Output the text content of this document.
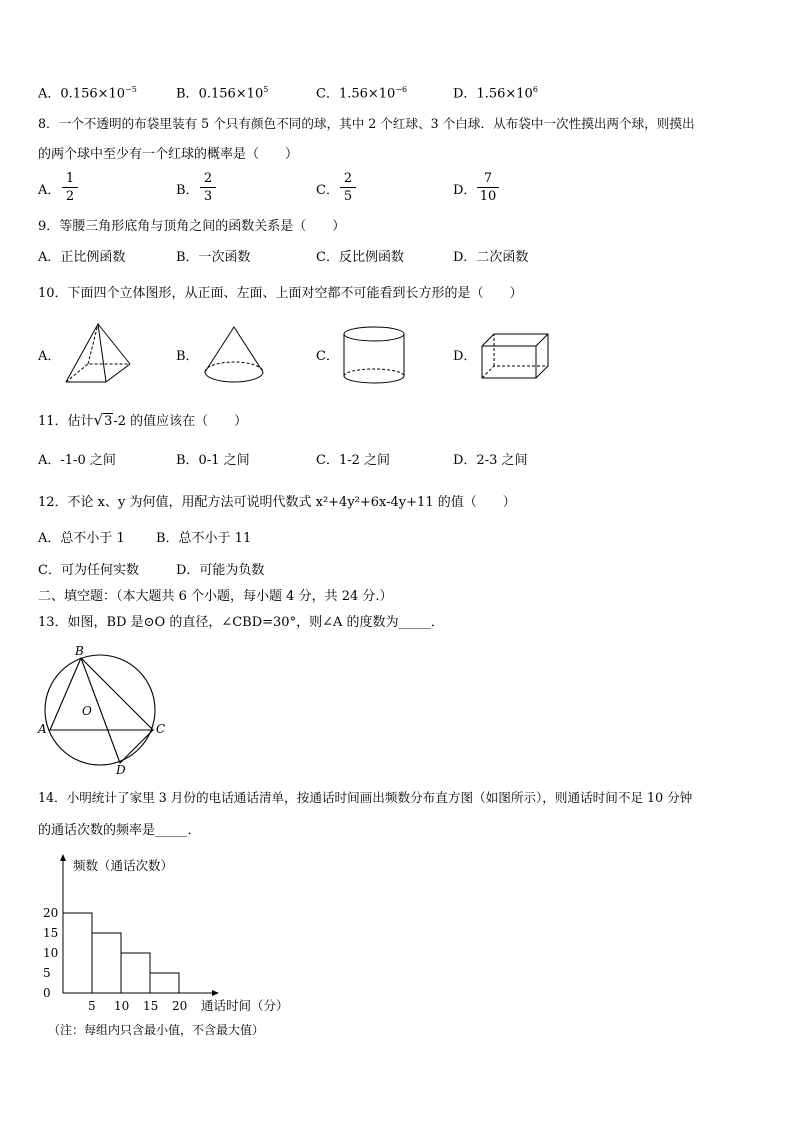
A．$0.156\times 10^{-5}$	B．$0.156\times 10^5$	C．$1.56\times 10^{-6}$	D．$1.56\times 10^6$
8．一个不透明的布袋里装有 5 个只有颜色不同的球，其中 2 个红球、3 个白球．从布袋中一次性摸出两个球，则摸出
的两个球中至少有一个红球的概率是（　　）
A．
1
2	B．
2
3	C．
2
5	D．
7
10
9．等腰三角形底角与顶角之间的函数关系是（　　）
A．正比例函数	B．一次函数	C．反比例函数	D．二次函数
10．下面四个立体图形，从正面、左面、上面对空都不可能看到长方形的是（　　）
A．	B．	C．	D．
11．估计√3-2 的值应该在（　　）
A．-1-0 之间	B．0-1 之间	C．1-2 之间	D．2-3 之间
12．不论 x、y 为何值，用配方法可说明代数式 x²+4y²+6x-4y+11 的值（　　）
A．总不小于 1 B．总不小于 11
C．可为任何实数	D．可能为负数
二、填空题：（本大题共 6 个小题，每小题 4 分，共 24 分.）
13．如图，BD 是⊙O 的直径，∠CBD=30°，则∠A 的度数为_____．
B
O
A	C
D
14．小明统计了家里 3 月份的电话通话清单，按通话时间画出频数分布直方图（如图所示），则通话时间不足 10 分钟
的通话次数的频率是_____．
0
5
10
15
20
5 10 15 20
频数（通话次数）
通话时间（分）
（注：每组内只含最小值，不含最大值）
